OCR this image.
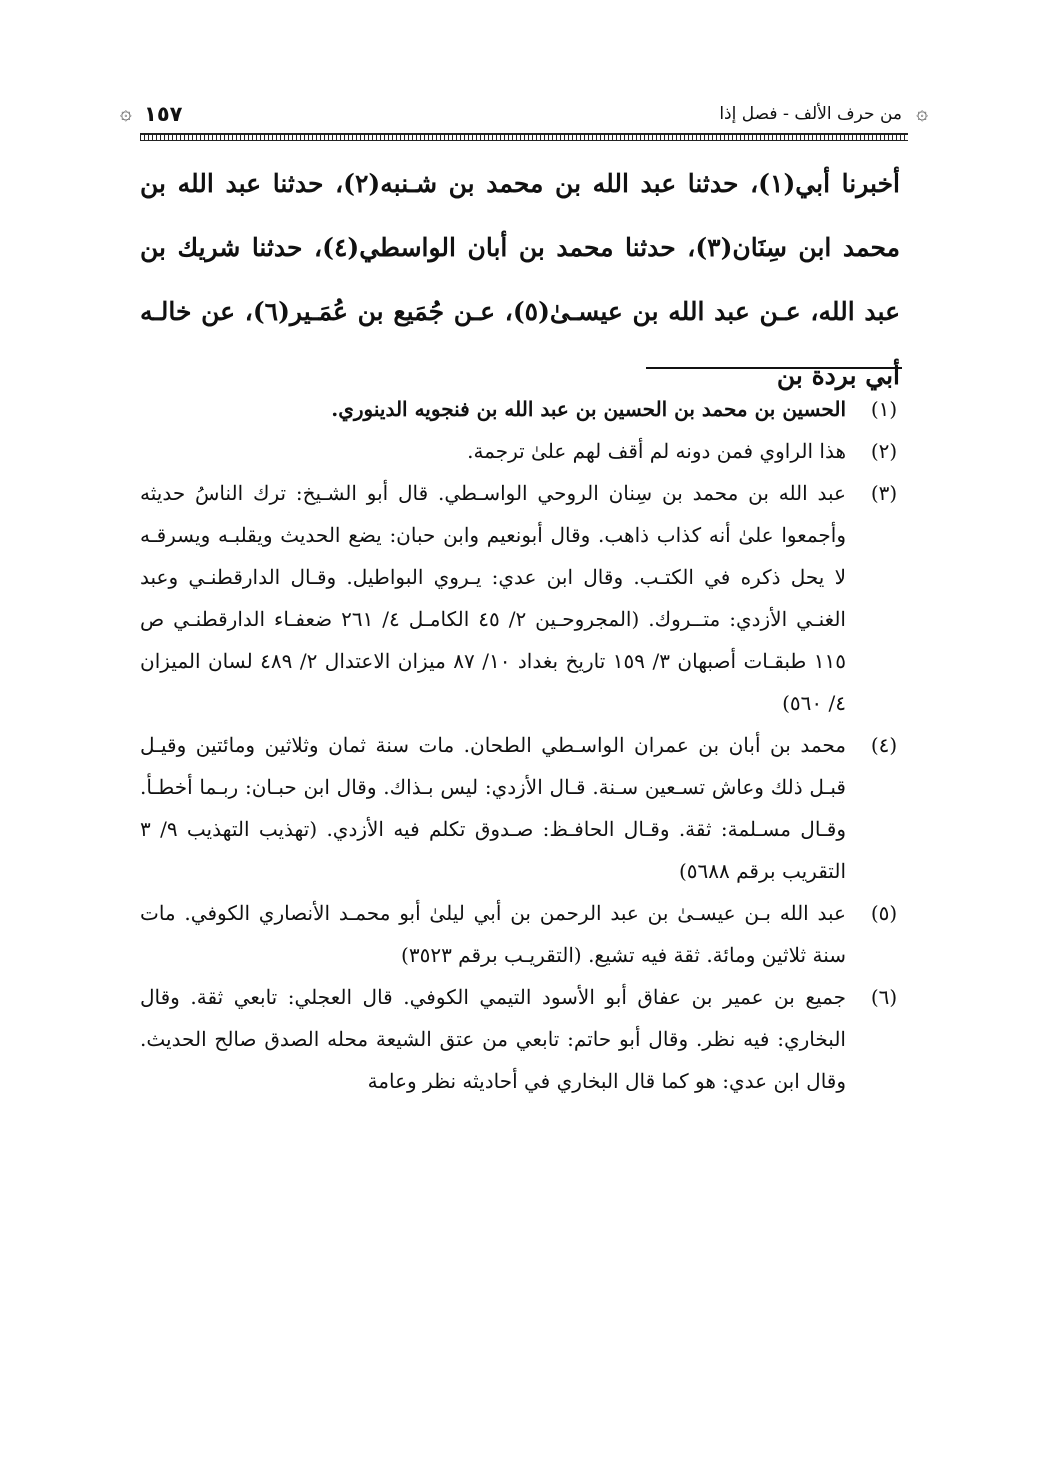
۞
من حرف الألف - فصل إذا
١٥٧
۞

أخبرنا أبي(١)، حدثنا عبد الله بن محمد بن شـنبه(٢)، حدثنا عبد الله بن محمد ابن سِنَان(٣)، حدثنا محمد بن أبان الواسطي(٤)، حدثنا شريك بن عبد الله، عـن عبد الله بن عيسـىٰ(٥)، عـن جُمَيع بن عُمَـير(٦)، عن خالـه أبي بردة بن

(١)
الحسين بن محمد بن الحسين بن عبد الله بن فنجويه الدينوري.

(٢)
هذا الراوي فمن دونه لم أقف لهم علىٰ ترجمة.

(٣)
عبد الله بن محمد بن سِنان الروحي الواسـطي. قال أبو الشـيخ: ترك الناسُ حديثه وأجمعوا علىٰ أنه كذاب ذاهب. وقال أبونعيم وابن حبان: يضع الحديث ويقلبـه ويسرقـه لا يحل ذكره في الكتـب. وقال ابن عدي: يـروي البواطيل. وقـال الدارقطنـي وعبد الغنـي الأزدي: متــروك. (المجروحـين ٢/ ٤٥ الكامـل ٤/ ٢٦١ ضعفـاء الدارقطنـي ص ١١٥ طبقـات أصبهان ٣/ ١٥٩ تاريخ بغداد ١٠/ ٨٧ ميزان الاعتدال ٢/ ٤٨٩ لسان الميزان ٤/ ٥٦٠)

(٤)
محمد بن أبان بن عمران الواسـطي الطحان. مات سنة ثمان وثلاثين ومائتين وقيـل قبـل ذلك وعاش تسـعين سـنة. قـال الأزدي: ليس بـذاك. وقال ابن حبـان: ربـما أخطـأ. وقـال مسـلمة: ثقة. وقـال الحافـظ: صـدوق تكلم فيه الأزدي. (تهذيب التهذيب ٩/ ٣ التقريب برقم ٥٦٨٨)

(٥)
عبد الله بـن عيسـىٰ بن عبد الرحمن بن أبي ليلىٰ أبو محمـد الأنصاري الكوفي. مات سنة ثلاثين ومائة. ثقة فيه تشيع. (التقريـب برقم ٣٥٢٣)

(٦)
جميع بن عمير بن عفاق أبو الأسود التيمي الكوفي. قال العجلي: تابعي ثقة. وقال البخاري: فيه نظر. وقال أبو حاتم: تابعي من عتق الشيعة محله الصدق صالح الحديث. وقال ابن عدي: هو كما قال البخاري في أحاديثه نظر وعامة
